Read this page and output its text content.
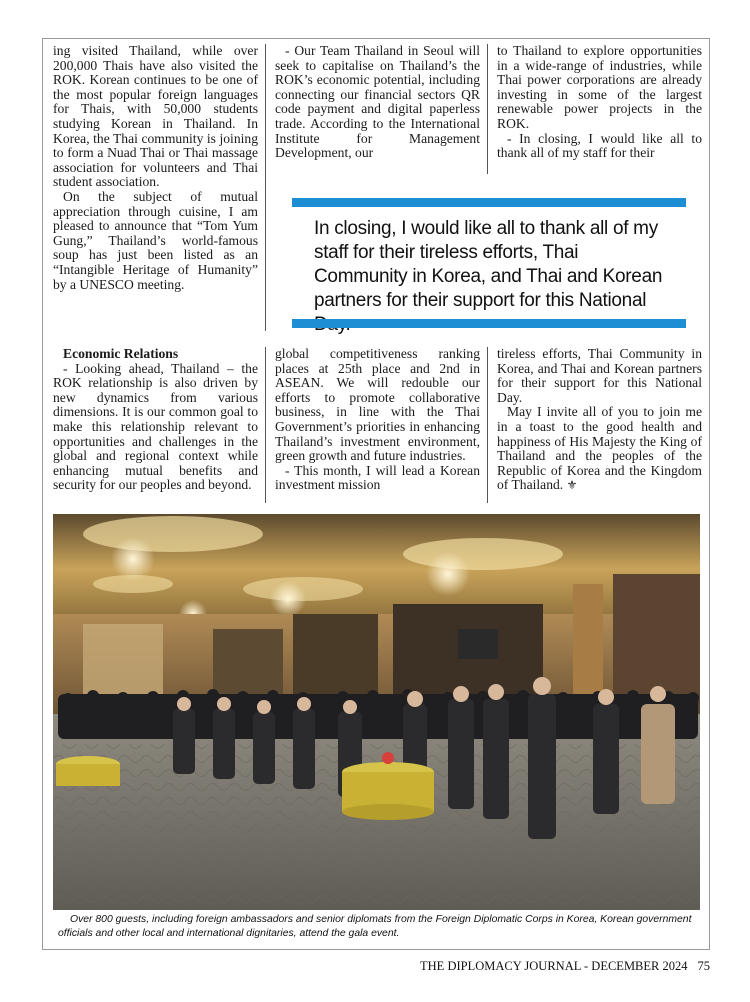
ing visited Thailand, while over 200,000 Thais have also visited the ROK. Korean continues to be one of the most popular foreign languages for Thais, with 50,000 students studying Korean in Thailand. In Korea, the Thai community is joining to form a Nuad Thai or Thai massage association for volunteers and Thai student association.

On the subject of mutual appreciation through cuisine, I am pleased to announce that “Tom Yum Gung,” Thailand’s world-famous soup has just been listed as an “Intangible Heritage of Humanity” by a UNESCO meeting.

- Our Team Thailand in Seoul will seek to capitalise on Thailand’s the ROK’s economic potential, including connecting our financial sectors QR code payment and digital paperless trade. According to the International Institute for Management Development, our

to Thailand to explore opportunities in a wide-range of industries, while Thai power corporations are already investing in some of the largest renewable power projects in the ROK.

- In closing, I would like all to thank all of my staff for their

In closing, I would like all to thank all of my staff for their tireless efforts, Thai Community in Korea, and Thai and Korean partners for their support for this National

Economic Relations

- Looking ahead, Thailand – the ROK relationship is also driven by new dynamics from various dimensions. It is our common goal to make this relationship relevant to opportunities and challenges in the global and regional context while enhancing mutual benefits and security for our peoples and beyond.

global competitiveness ranking places at 25th place and 2nd in ASEAN. We will redouble our efforts to promote collaborative business, in line with the Thai Government’s priorities in enhancing Thailand’s investment environment, green growth and future industries.

- This month, I will lead a Korean investment mission

tireless efforts, Thai Community in Korea, and Thai and Korean partners for their support for this National Day.

May I invite all of you to join me in a toast to the good health and happiness of His Majesty the King of Thailand and the peoples of the Republic of Korea and the Kingdom of Thailand. ⚜

Over 800 guests, including foreign ambassadors and senior diplomats from the Foreign Diplomatic Corps in Korea, Korean government officials and other local and international dignitaries, attend the gala event.
THE DIPLOMACY JOURNAL - DECEMBER 2024 75
